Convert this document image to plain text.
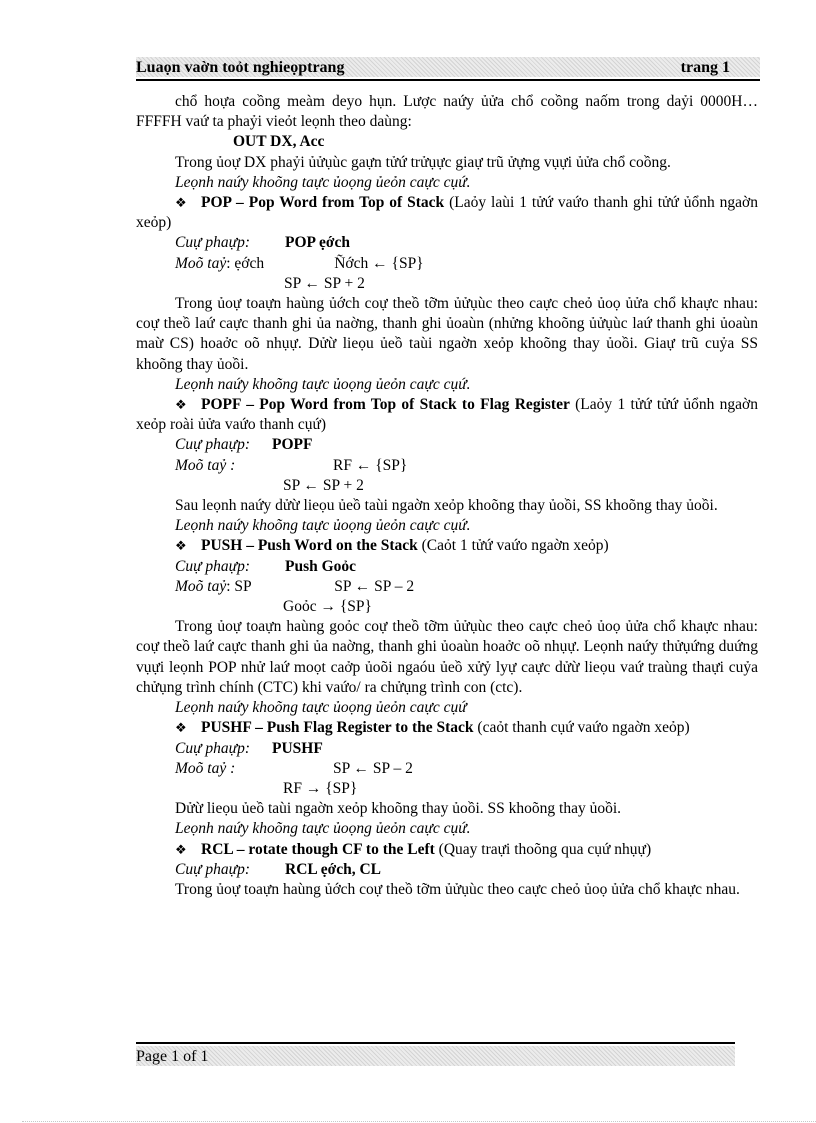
Luaọn vaờn toỏt nghieọptrang	trang 1

chổ hoựa coồng meàm deyo hụn. Lược naứy ủửa chổ coồng naốm trong daỷi 0000H…FFFFH vaứ ta phaỷi vieỏt leọnh theo daùng:

OUT DX, Acc

Trong ủoự DX phaỷi ủửụùc gaựn tửứ trửụực giaự trũ ửựng vụựi ủửa chổ coồng.

Leọnh naứy khoõng taực ủoọng ủeỏn caực cụứ.

❖ POP – Pop Word from Top of Stack (Laỏy laùi 1 tửứ vaứo thanh ghi tửứ ủổnh ngaờn xeỏp)

Cuự phaựp: POP ẹớch

Moõ taỷ: ẹớch	Ñớch ← {SP}

SP ← SP + 2

Trong ủoự toaựn haùng ủớch coự theồ tỡm ủửụùc theo caực cheỏ ủoọ ủửa chổ khaực nhau: coự theồ laứ caực thanh ghi ủa naờng, thanh ghi ủoaùn (nhửng khoõng ủửụùc laứ thanh ghi ủoaùn maừ CS) hoaởc oõ nhụự. Dửừ lieọu ủeồ taùi ngaờn xeỏp khoõng thay ủoồi. Giaự trũ cuỷa SS khoõng thay ủoồi.

Leọnh naứy khoõng taực ủoọng ủeỏn caực cụứ.

❖ POPF – Pop Word from Top of Stack to Flag Register (Laỏy 1 tửứ tửứ ủổnh ngaờn xeỏp roài ủửa vaứo thanh cụứ)

Cuự phaựp: POPF

Moõ taỷ :	RF ← {SP}

SP ← SP + 2

Sau leọnh naứy dửừ lieọu ủeồ taùi ngaờn xeỏp khoõng thay ủoồi, SS khoõng thay ủoồi.

Leọnh naứy khoõng taực ủoọng ủeỏn caực cụứ.

❖ PUSH – Push Word on the Stack (Caỏt 1 tửứ vaứo ngaờn xeỏp)

Cuự phaựp: Push Goỏc

Moõ taỷ: SP	SP ← SP – 2

Goỏc → {SP}

Trong ủoự toaựn haùng goỏc coự theồ tỡm ủửụùc theo caực cheỏ ủoọ ủửa chổ khaực nhau: coự theồ laứ caực thanh ghi ủa naờng, thanh ghi ủoaùn hoaởc oõ nhụự. Leọnh naứy thửụứng duứng vụựi leọnh POP nhử laứ moọt caởp ủoõi ngaóu ủeồ xửỷ lyự caực dửừ lieọu vaứ traùng thaựi cuỷa chửụng trình chính (CTC) khi vaứo/ ra chửụng trình con (ctc).

Leọnh naứy khoõng taực ủoọng ủeỏn caực cụứ

❖ PUSHF – Push Flag Register to the Stack (caỏt thanh cụứ vaứo ngaờn xeỏp)

Cuự phaựp: PUSHF

Moõ taỷ :	SP ← SP – 2

RF → {SP}

Dửừ lieọu ủeồ taùi ngaờn xeỏp khoõng thay ủoồi. SS khoõng thay ủoồi.

Leọnh naứy khoõng taực ủoọng ủeỏn caực cụứ.

❖ RCL – rotate though CF to the Left (Quay traựi thoõng qua cụứ nhụự)

Cuự phaựp: RCL ẹớch, CL

Trong ủoự toaựn haùng ủớch coự theồ tỡm ủửụùc theo caực cheỏ ủoọ ủửa chổ khaực nhau.

Page 1 of 1
